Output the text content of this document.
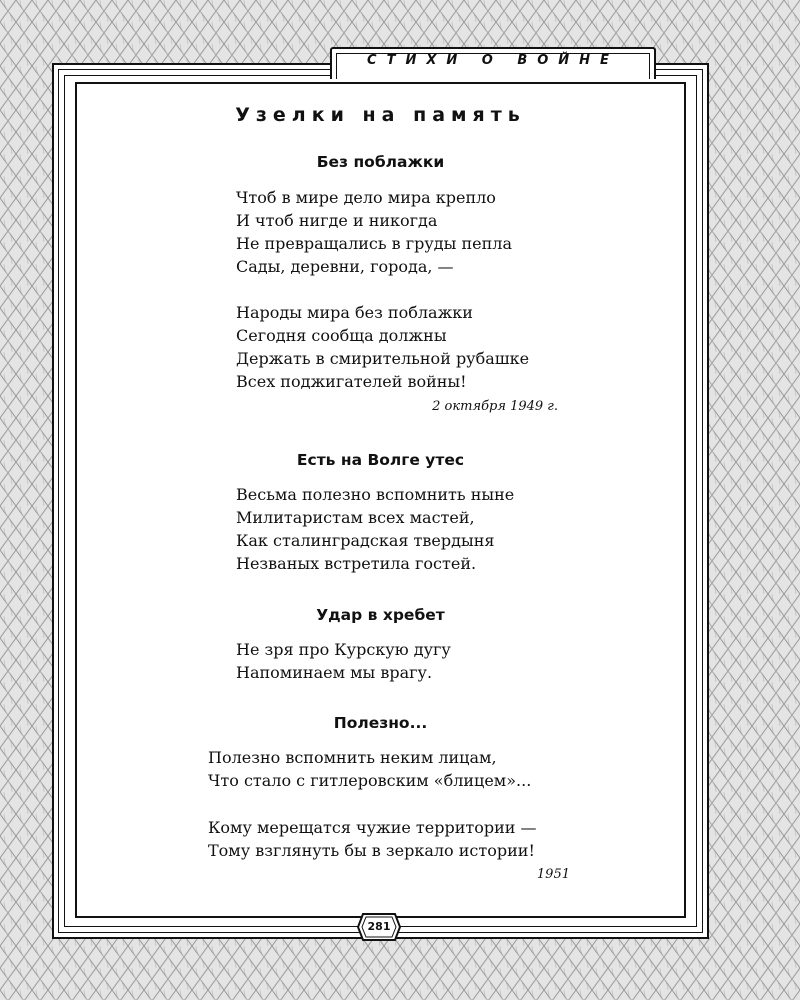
СТИХИ О ВОЙНЕ
Узелки на память
Без поблажки
Чтоб в мире дело мира крепло
И чтоб нигде и никогда
Не превращались в груды пепла
Сады, деревни, города, —
Народы мира без поблажки
Сегодня сообща должны
Держать в смирительной рубашке
Всех поджигателей войны!
2 октября 1949 г.
Есть на Волге утес
Весьма полезно вспомнить ныне
Милитаристам всех мастей,
Как сталинградская твердыня
Незваных встретила гостей.
Удар в хребет
Не зря про Курскую дугу
Напоминаем мы врагу.
Полезно...
Полезно вспомнить неким лицам,
Что стало с гитлеровским «блицем»...
Кому мерещатся чужие территории —
Тому взглянуть бы в зеркало истории!
1951
281
